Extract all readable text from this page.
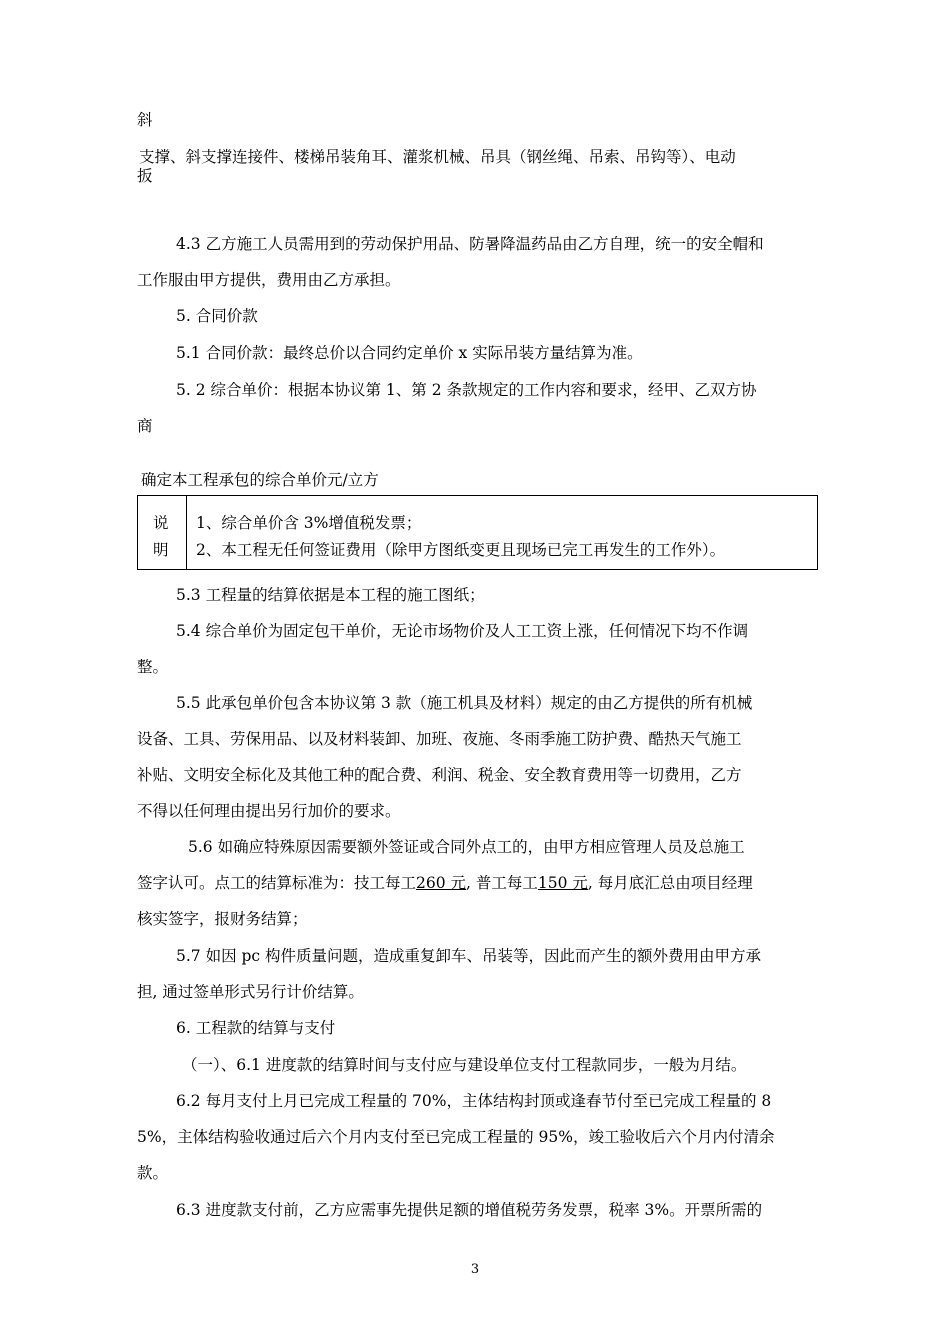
斜
支撑、斜支撑连接件、楼梯吊装角耳、灌浆机械、吊具（钢丝绳、吊索、吊钩等）、电动
扳
4.3 乙方施工人员需用到的劳动保护用品、防暑降温药品由乙方自理，统一的安全帽和
工作服由甲方提供，费用由乙方承担。
5. 合同价款
5.1 合同价款：最终总价以合同约定单价 x 实际吊装方量结算为准。
5. 2 综合单价：根据本协议第 1、第 2 条款规定的工作内容和要求，经甲、乙双方协
商
确定本工程承包的综合单价元/立方
说
明
1、综合单价含 3%增值税发票；
2、本工程无任何签证费用（除甲方图纸变更且现场已完工再发生的工作外）。
5.3 工程量的结算依据是本工程的施工图纸；
5.4 综合单价为固定包干单价，无论市场物价及人工工资上涨，任何情况下均不作调
整。
5.5 此承包单价包含本协议第 3 款（施工机具及材料）规定的由乙方提供的所有机械
设备、工具、劳保用品、以及材料装卸、加班、夜施、冬雨季施工防护费、酷热天气施工
补贴、文明安全标化及其他工种的配合费、利润、税金、安全教育费用等一切费用，乙方
不得以任何理由提出另行加价的要求。
5.6 如确应特殊原因需要额外签证或合同外点工的，由甲方相应管理人员及总施工
签字认可。点工的结算标准为：技工每工260 元, 普工每工150 元, 每月底汇总由项目经理
核实签字，报财务结算；
5.7 如因 pc 构件质量问题，造成重复卸车、吊装等，因此而产生的额外费用由甲方承
担, 通过签单形式另行计价结算。
6. 工程款的结算与支付
（一）、6.1 进度款的结算时间与支付应与建设单位支付工程款同步，一般为月结。
6.2 每月支付上月已完成工程量的 70%，主体结构封顶或逢春节付至已完成工程量的 8
5%，主体结构验收通过后六个月内支付至已完成工程量的 95%，竣工验收后六个月内付清余
款。
6.3 进度款支付前，乙方应需事先提供足额的增值税劳务发票，税率 3%。开票所需的
3
